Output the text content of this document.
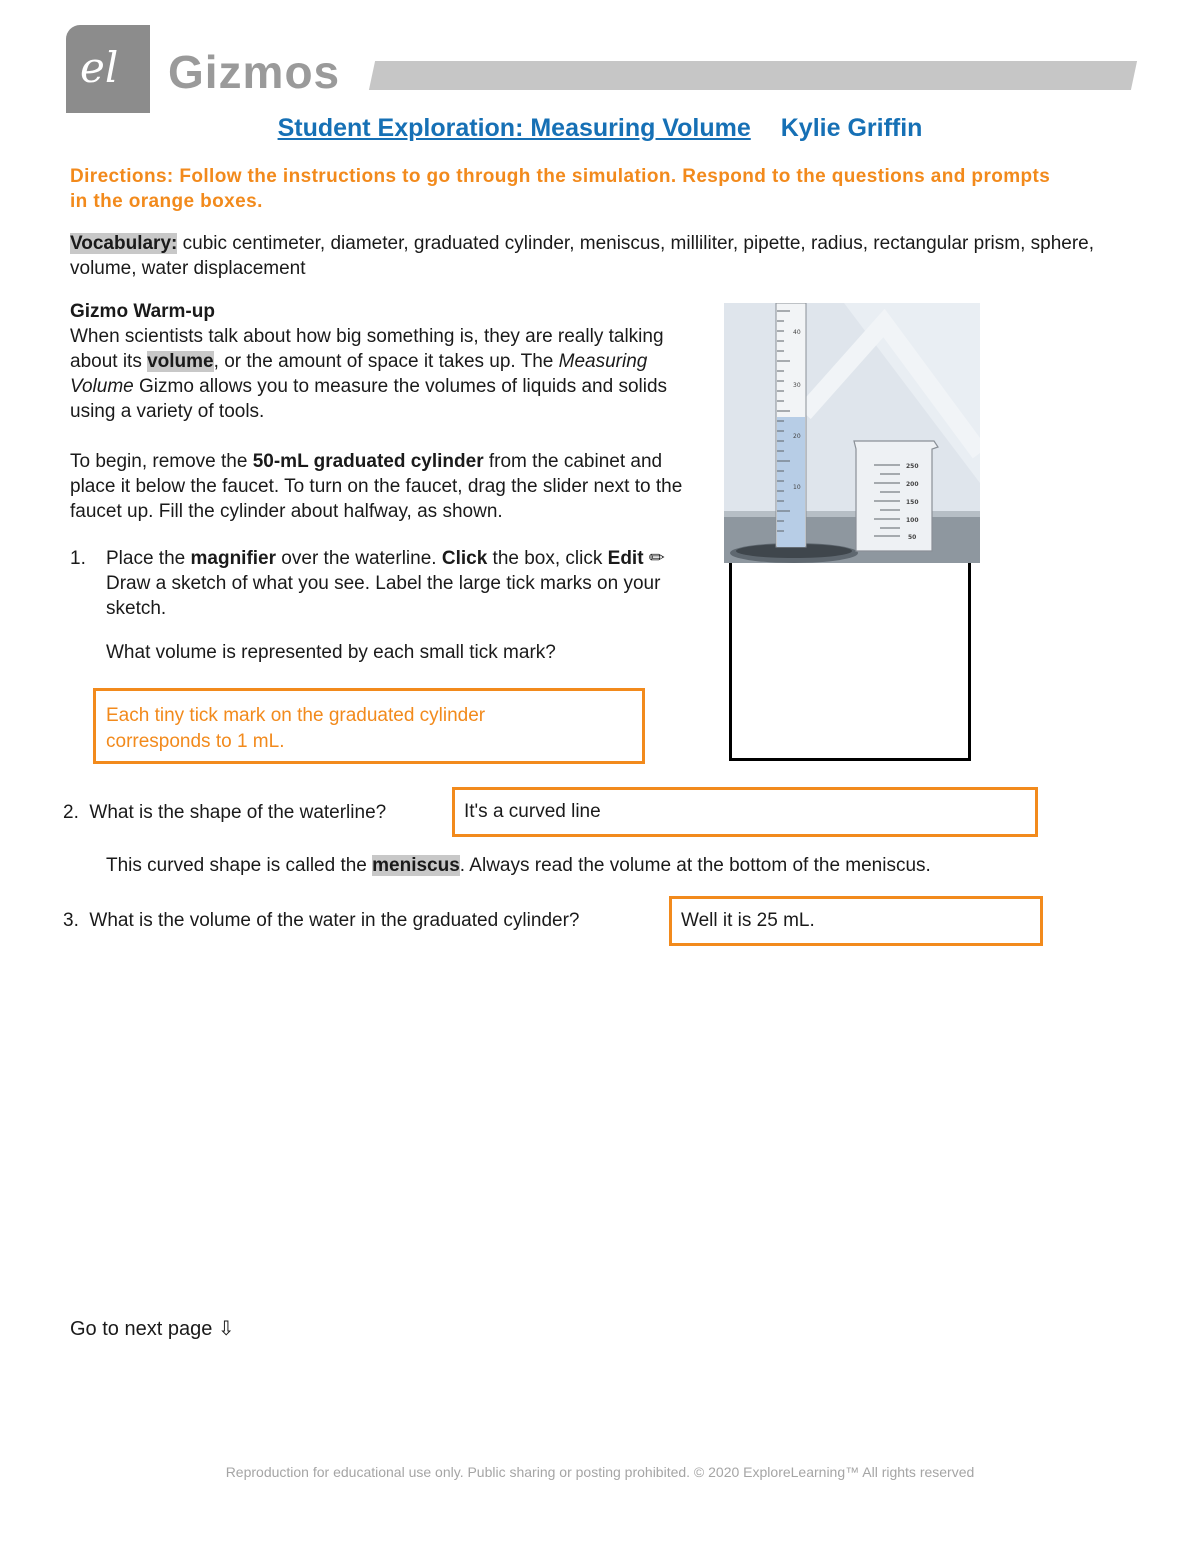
el Gizmos
Student Exploration: Measuring Volume Kylie Griffin
Directions: Follow the instructions to go through the simulation. Respond to the questions and prompts in the orange boxes.
Vocabulary: cubic centimeter, diameter, graduated cylinder, meniscus, milliliter, pipette, radius, rectangular prism, sphere, volume, water displacement
Gizmo Warm-up
When scientists talk about how big something is, they are really talking about its volume, or the amount of space it takes up. The Measuring Volume Gizmo allows you to measure the volumes of liquids and solids using a variety of tools.
To begin, remove the 50-mL graduated cylinder from the cabinet and place it below the faucet. To turn on the faucet, drag the slider next to the faucet up. Fill the cylinder about halfway, as shown.
40
30
20
10
250
200
150
100
50
1. Place the magnifier over the waterline. Click the box, click Edit ✏ Draw a sketch of what you see. Label the large tick marks on your sketch.
What volume is represented by each small tick mark?
Each tiny tick mark on the graduated cylinder corresponds to 1 mL.
2. What is the shape of the waterline?	It's a curved line
This curved shape is called the meniscus. Always read the volume at the bottom of the meniscus.
3. What is the volume of the water in the graduated cylinder?	Well it is 25 mL.
Go to next page ⇩
Reproduction for educational use only. Public sharing or posting prohibited. © 2020 ExploreLearning™ All rights reserved
